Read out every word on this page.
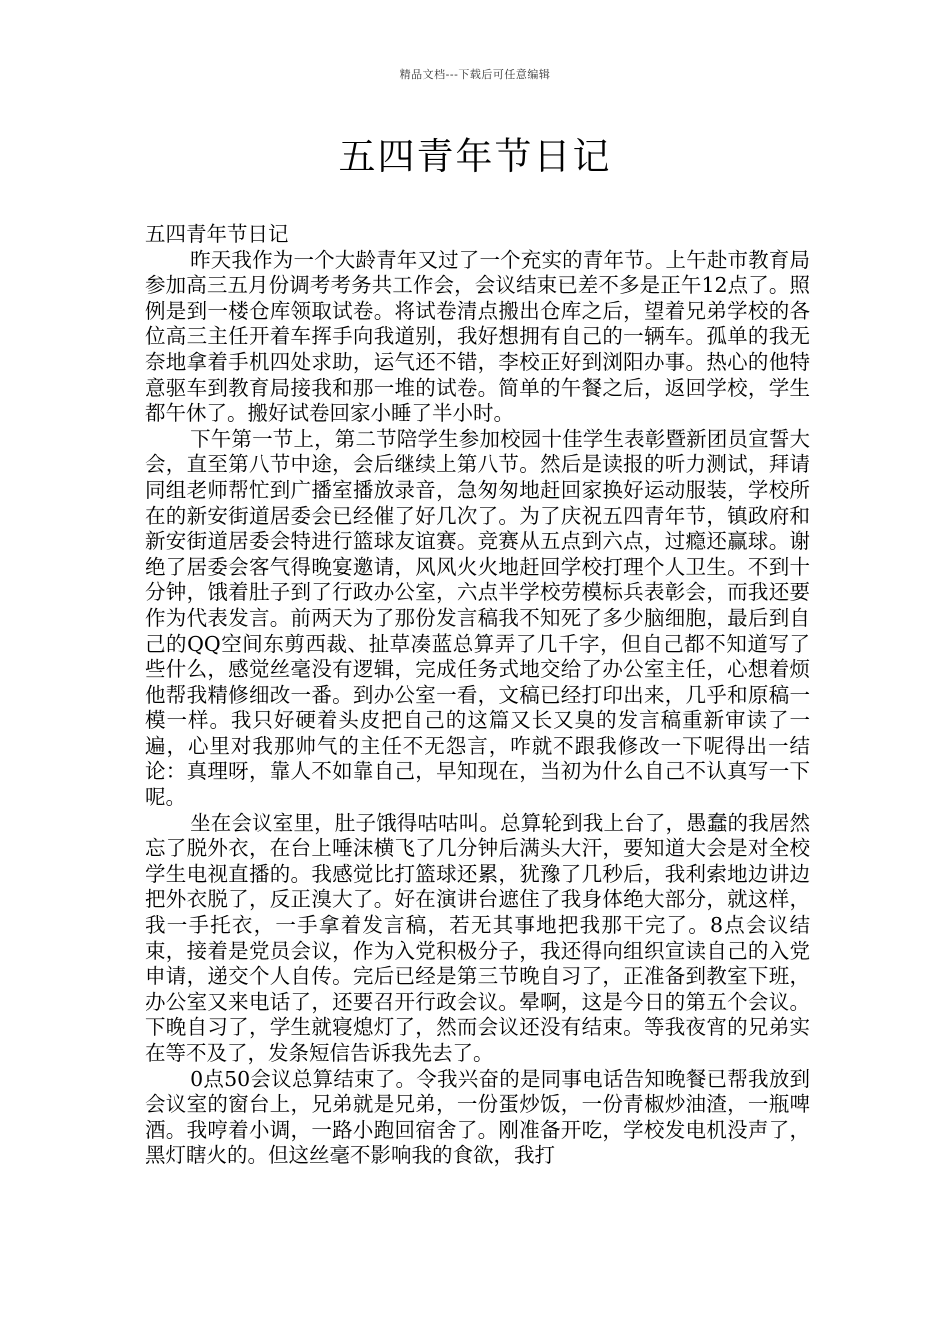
精品文档---下载后可任意编辑
五四青年节日记
五四青年节日记

昨天我作为一个大龄青年又过了一个充实的青年节。上午赴市教育局参加高三五月份调考考务共工作会，会议结束已差不多是正午12点了。照例是到一楼仓库领取试卷。将试卷清点搬出仓库之后，望着兄弟学校的各位高三主任开着车挥手向我道别，我好想拥有自己的一辆车。孤单的我无奈地拿着手机四处求助，运气还不错，李校正好到浏阳办事。热心的他特意驱车到教育局接我和那一堆的试卷。简单的午餐之后，返回学校，学生都午休了。搬好试卷回家小睡了半小时。

下午第一节上，第二节陪学生参加校园十佳学生表彰暨新团员宣誓大会，直至第八节中途，会后继续上第八节。然后是读报的听力测试，拜请同组老师帮忙到广播室播放录音，急匆匆地赶回家换好运动服装，学校所在的新安街道居委会已经催了好几次了。为了庆祝五四青年节，镇政府和新安街道居委会特进行篮球友谊赛。竞赛从五点到六点，过瘾还赢球。谢绝了居委会客气得晚宴邀请，风风火火地赶回学校打理个人卫生。不到十分钟，饿着肚子到了行政办公室，六点半学校劳模标兵表彰会，而我还要作为代表发言。前两天为了那份发言稿我不知死了多少脑细胞，最后到自己的QQ空间东剪西裁、扯草凑蓝总算弄了几千字，但自己都不知道写了些什么，感觉丝毫没有逻辑，完成任务式地交给了办公室主任，心想着烦他帮我精修细改一番。到办公室一看，文稿已经打印出来，几乎和原稿一模一样。我只好硬着头皮把自己的这篇又长又臭的发言稿重新审读了一遍，心里对我那帅气的主任不无怨言，咋就不跟我修改一下呢得出一结论：真理呀，靠人不如靠自己，早知现在，当初为什么自己不认真写一下呢。

坐在会议室里，肚子饿得咕咕叫。总算轮到我上台了，愚蠢的我居然忘了脱外衣，在台上唾沫横飞了几分钟后满头大汗，要知道大会是对全校学生电视直播的。我感觉比打篮球还累，犹豫了几秒后，我利索地边讲边把外衣脱了，反正溴大了。好在演讲台遮住了我身体绝大部分，就这样，我一手托衣，一手拿着发言稿，若无其事地把我那干完了。8点会议结束，接着是党员会议，作为入党积极分子，我还得向组织宣读自己的入党申请，递交个人自传。完后已经是第三节晚自习了，正准备到教室下班，办公室又来电话了，还要召开行政会议。晕啊，这是今日的第五个会议。下晚自习了，学生就寝熄灯了，然而会议还没有结束。等我夜宵的兄弟实在等不及了，发条短信告诉我先去了。

0点50会议总算结束了。令我兴奋的是同事电话告知晚餐已帮我放到会议室的窗台上，兄弟就是兄弟，一份蛋炒饭，一份青椒炒油渣，一瓶啤酒。我哼着小调，一路小跑回宿舍了。刚准备开吃，学校发电机没声了，黑灯瞎火的。但这丝毫不影响我的食欲，我打
